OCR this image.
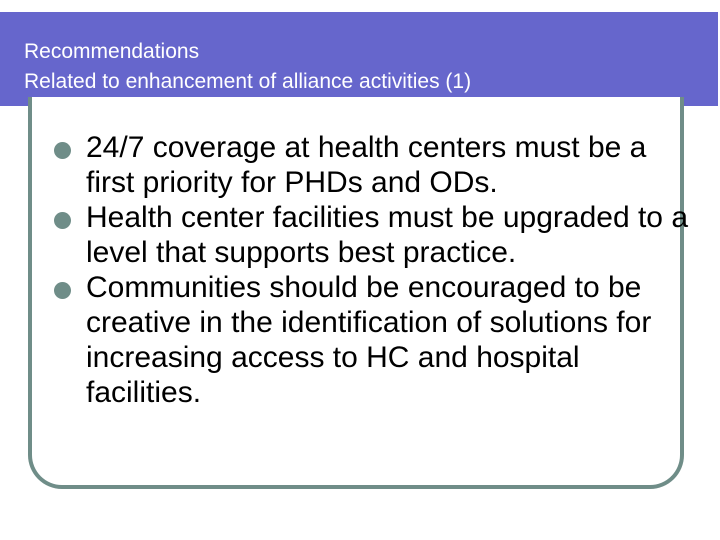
Recommendations
Related to enhancement of alliance activities (1)
24/7 coverage at health centers must be a first priority for PHDs and ODs.
Health center facilities must be upgraded to a level that supports best practice.
Communities should be encouraged to be creative in the identification of solutions for increasing access to HC and hospital facilities.
